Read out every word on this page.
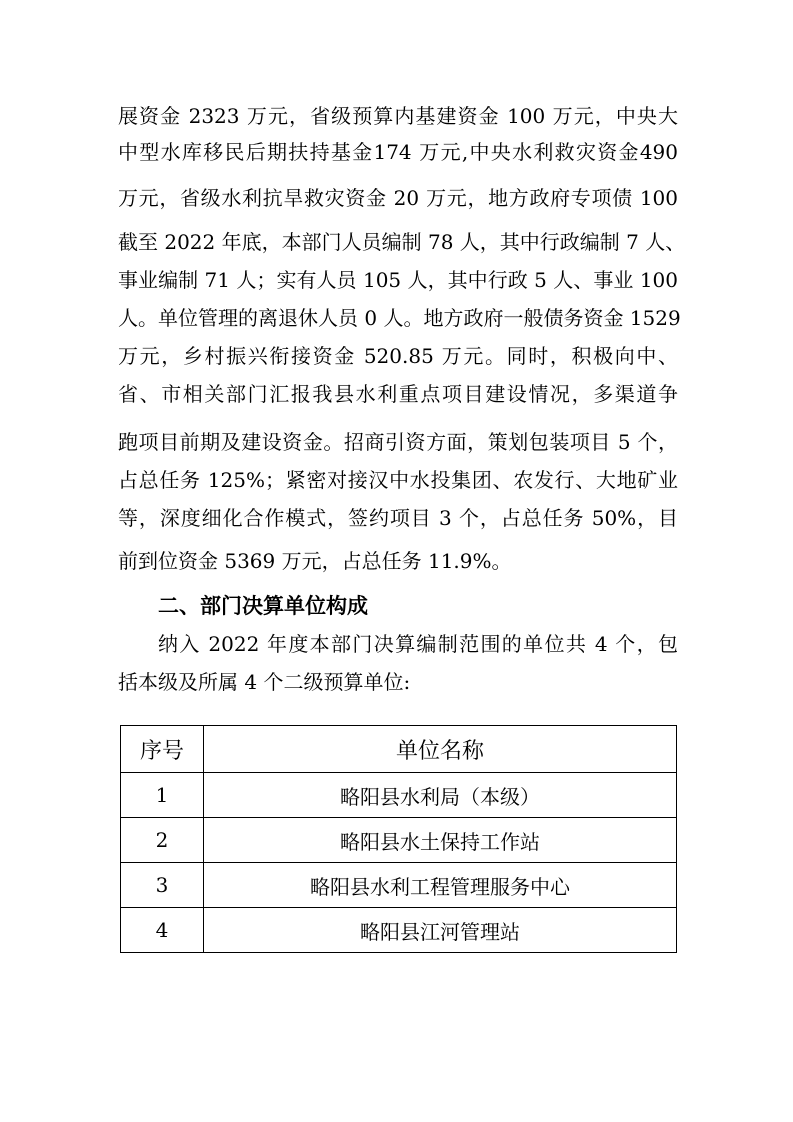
展资金 2323 万元，省级预算内基建资金 100 万元，中央大
中型水库移民后期扶持基金174 万元,中央水利救灾资金490
万元，省级水利抗旱救灾资金 20 万元，地方政府专项债 100
截至 2022 年底，本部门人员编制 78 人，其中行政编制 7 人、
事业编制 71 人；实有人员 105 人，其中行政 5 人、事业 100
人。单位管理的离退休人员 0 人。地方政府一般债务资金 1529
万元，乡村振兴衔接资金 520.85 万元。同时，积极向中、
省、市相关部门汇报我县水利重点项目建设情况，多渠道争
跑项目前期及建设资金。招商引资方面，策划包装项目 5 个，
占总任务 125%；紧密对接汉中水投集团、农发行、大地矿业
等，深度细化合作模式，签约项目 3 个，占总任务 50%，目
前到位资金 5369 万元，占总任务 11.9%。
二、部门决算单位构成
纳入 2022 年度本部门决算编制范围的单位共 4 个，包
括本级及所属 4 个二级预算单位:
序号	单位名称
1	略阳县水利局（本级）
2	略阳县水土保持工作站
3	略阳县水利工程管理服务中心
4	略阳县江河管理站
